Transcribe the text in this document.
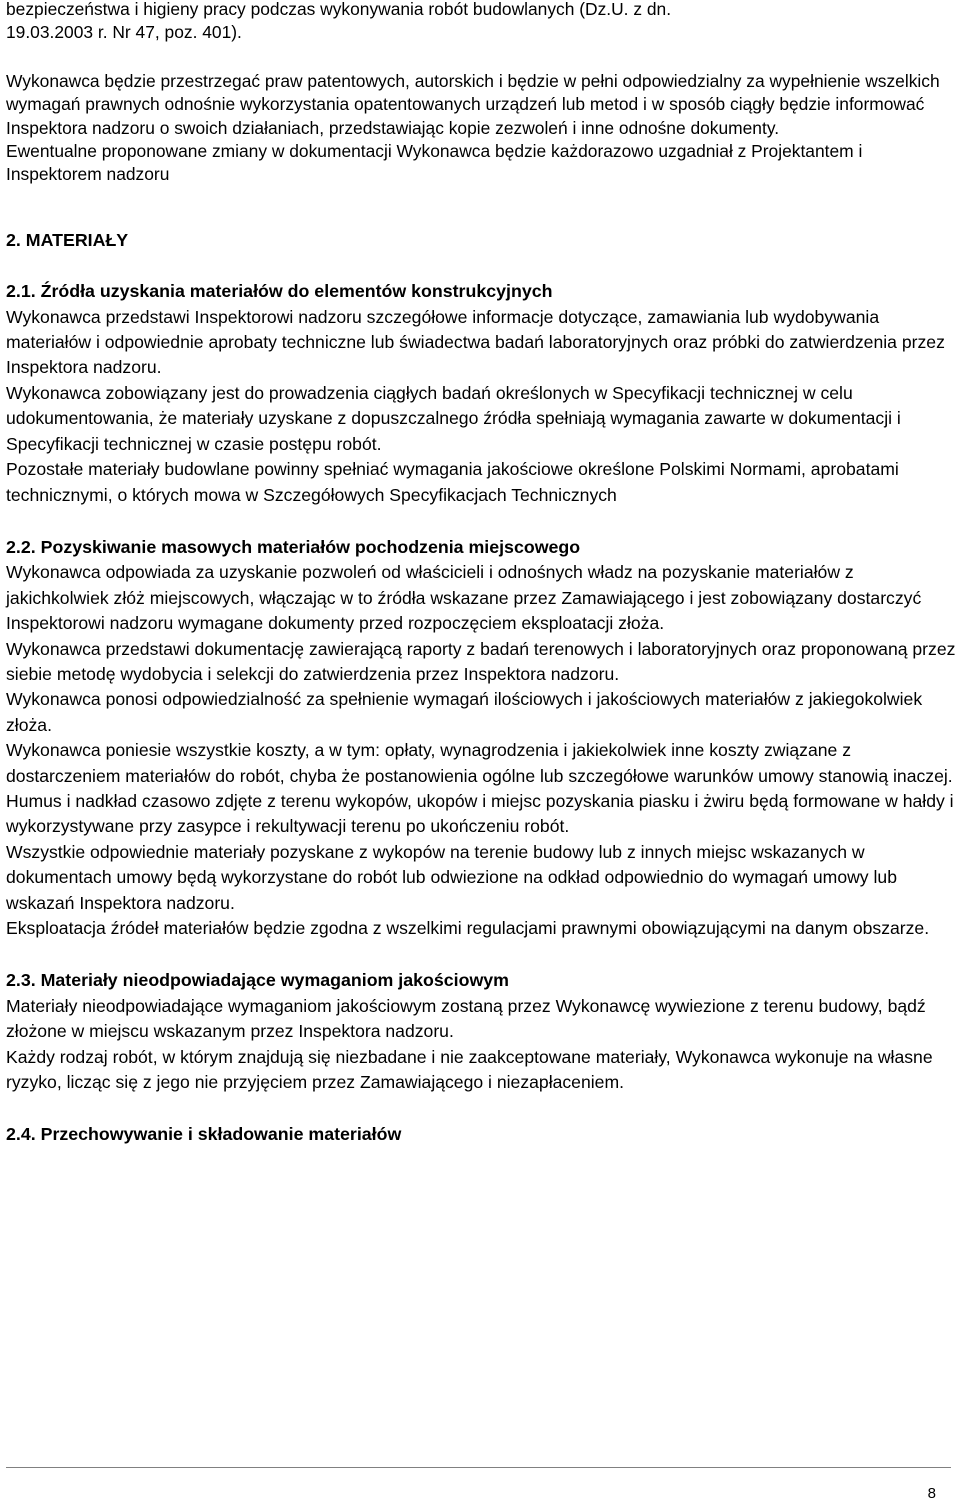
bezpieczeństwa i higieny pracy podczas wykonywania robót budowlanych (Dz.U. z dn.

19.03.2003 r. Nr 47, poz. 401).

Wykonawca będzie przestrzegać praw patentowych, autorskich i będzie w pełni odpowiedzialny za wypełnienie wszelkich wymagań prawnych odnośnie wykorzystania opatentowanych urządzeń lub metod i w sposób ciągły będzie informować Inspektora nadzoru o swoich działaniach, przedstawiając kopie zezwoleń i inne odnośne dokumenty.

Ewentualne proponowane zmiany w dokumentacji Wykonawca będzie każdorazowo uzgadniał z Projektantem i Inspektorem nadzoru

2. MATERIAŁY
2.1. Źródła uzyskania materiałów do elementów konstrukcyjnych

Wykonawca przedstawi Inspektorowi nadzoru szczegółowe informacje dotyczące, zamawiania lub wydobywania materiałów i odpowiednie aprobaty techniczne lub świadectwa badań laboratoryjnych oraz próbki do zatwierdzenia przez Inspektora nadzoru.

Wykonawca zobowiązany jest do prowadzenia ciągłych badań określonych w Specyfikacji technicznej w celu udokumentowania, że materiały uzyskane z dopuszczalnego źródła spełniają wymagania zawarte w dokumentacji i Specyfikacji technicznej w czasie postępu robót.

Pozostałe materiały budowlane powinny spełniać wymagania jakościowe określone Polskimi Normami, aprobatami technicznymi, o których mowa w Szczegółowych Specyfikacjach Technicznych

2.2. Pozyskiwanie masowych materiałów pochodzenia miejscowego

Wykonawca odpowiada za uzyskanie pozwoleń od właścicieli i odnośnych władz na pozyskanie materiałów z jakichkolwiek złóż miejscowych, włączając w to źródła wskazane przez Zamawiającego i jest zobowiązany dostarczyć Inspektorowi nadzoru wymagane dokumenty przed rozpoczęciem eksploatacji złoża.

Wykonawca przedstawi dokumentację zawierającą raporty z badań terenowych i laboratoryjnych oraz proponowaną przez siebie metodę wydobycia i selekcji do zatwierdzenia przez Inspektora nadzoru.

Wykonawca ponosi odpowiedzialność za spełnienie wymagań ilościowych i jakościowych materiałów z jakiegokolwiek złoża.

Wykonawca poniesie wszystkie koszty, a w tym: opłaty, wynagrodzenia i jakiekolwiek inne koszty związane z dostarczeniem materiałów do robót, chyba że postanowienia ogólne lub szczegółowe warunków umowy stanowią inaczej.

Humus i nadkład czasowo zdjęte z terenu wykopów, ukopów i miejsc pozyskania piasku i żwiru będą formowane w hałdy i wykorzystywane przy zasypce i rekultywacji terenu po ukończeniu robót.

Wszystkie odpowiednie materiały pozyskane z wykopów na terenie budowy lub z innych miejsc wskazanych w dokumentach umowy będą wykorzystane do robót lub odwiezione na odkład odpowiednio do wymagań umowy lub wskazań Inspektora nadzoru.

Eksploatacja źródeł materiałów będzie zgodna z wszelkimi regulacjami prawnymi obowiązującymi na danym obszarze.

2.3. Materiały nieodpowiadające wymaganiom jakościowym

Materiały nieodpowiadające wymaganiom jakościowym zostaną przez Wykonawcę wywiezione z terenu budowy, bądź złożone w miejscu wskazanym przez Inspektora nadzoru.

Każdy rodzaj robót, w którym znajdują się niezbadane i nie zaakceptowane materiały, Wykonawca wykonuje na własne ryzyko, licząc się z jego nie przyjęciem przez Zamawiającego i niezapłaceniem.

2.4. Przechowywanie i składowanie materiałów
8
